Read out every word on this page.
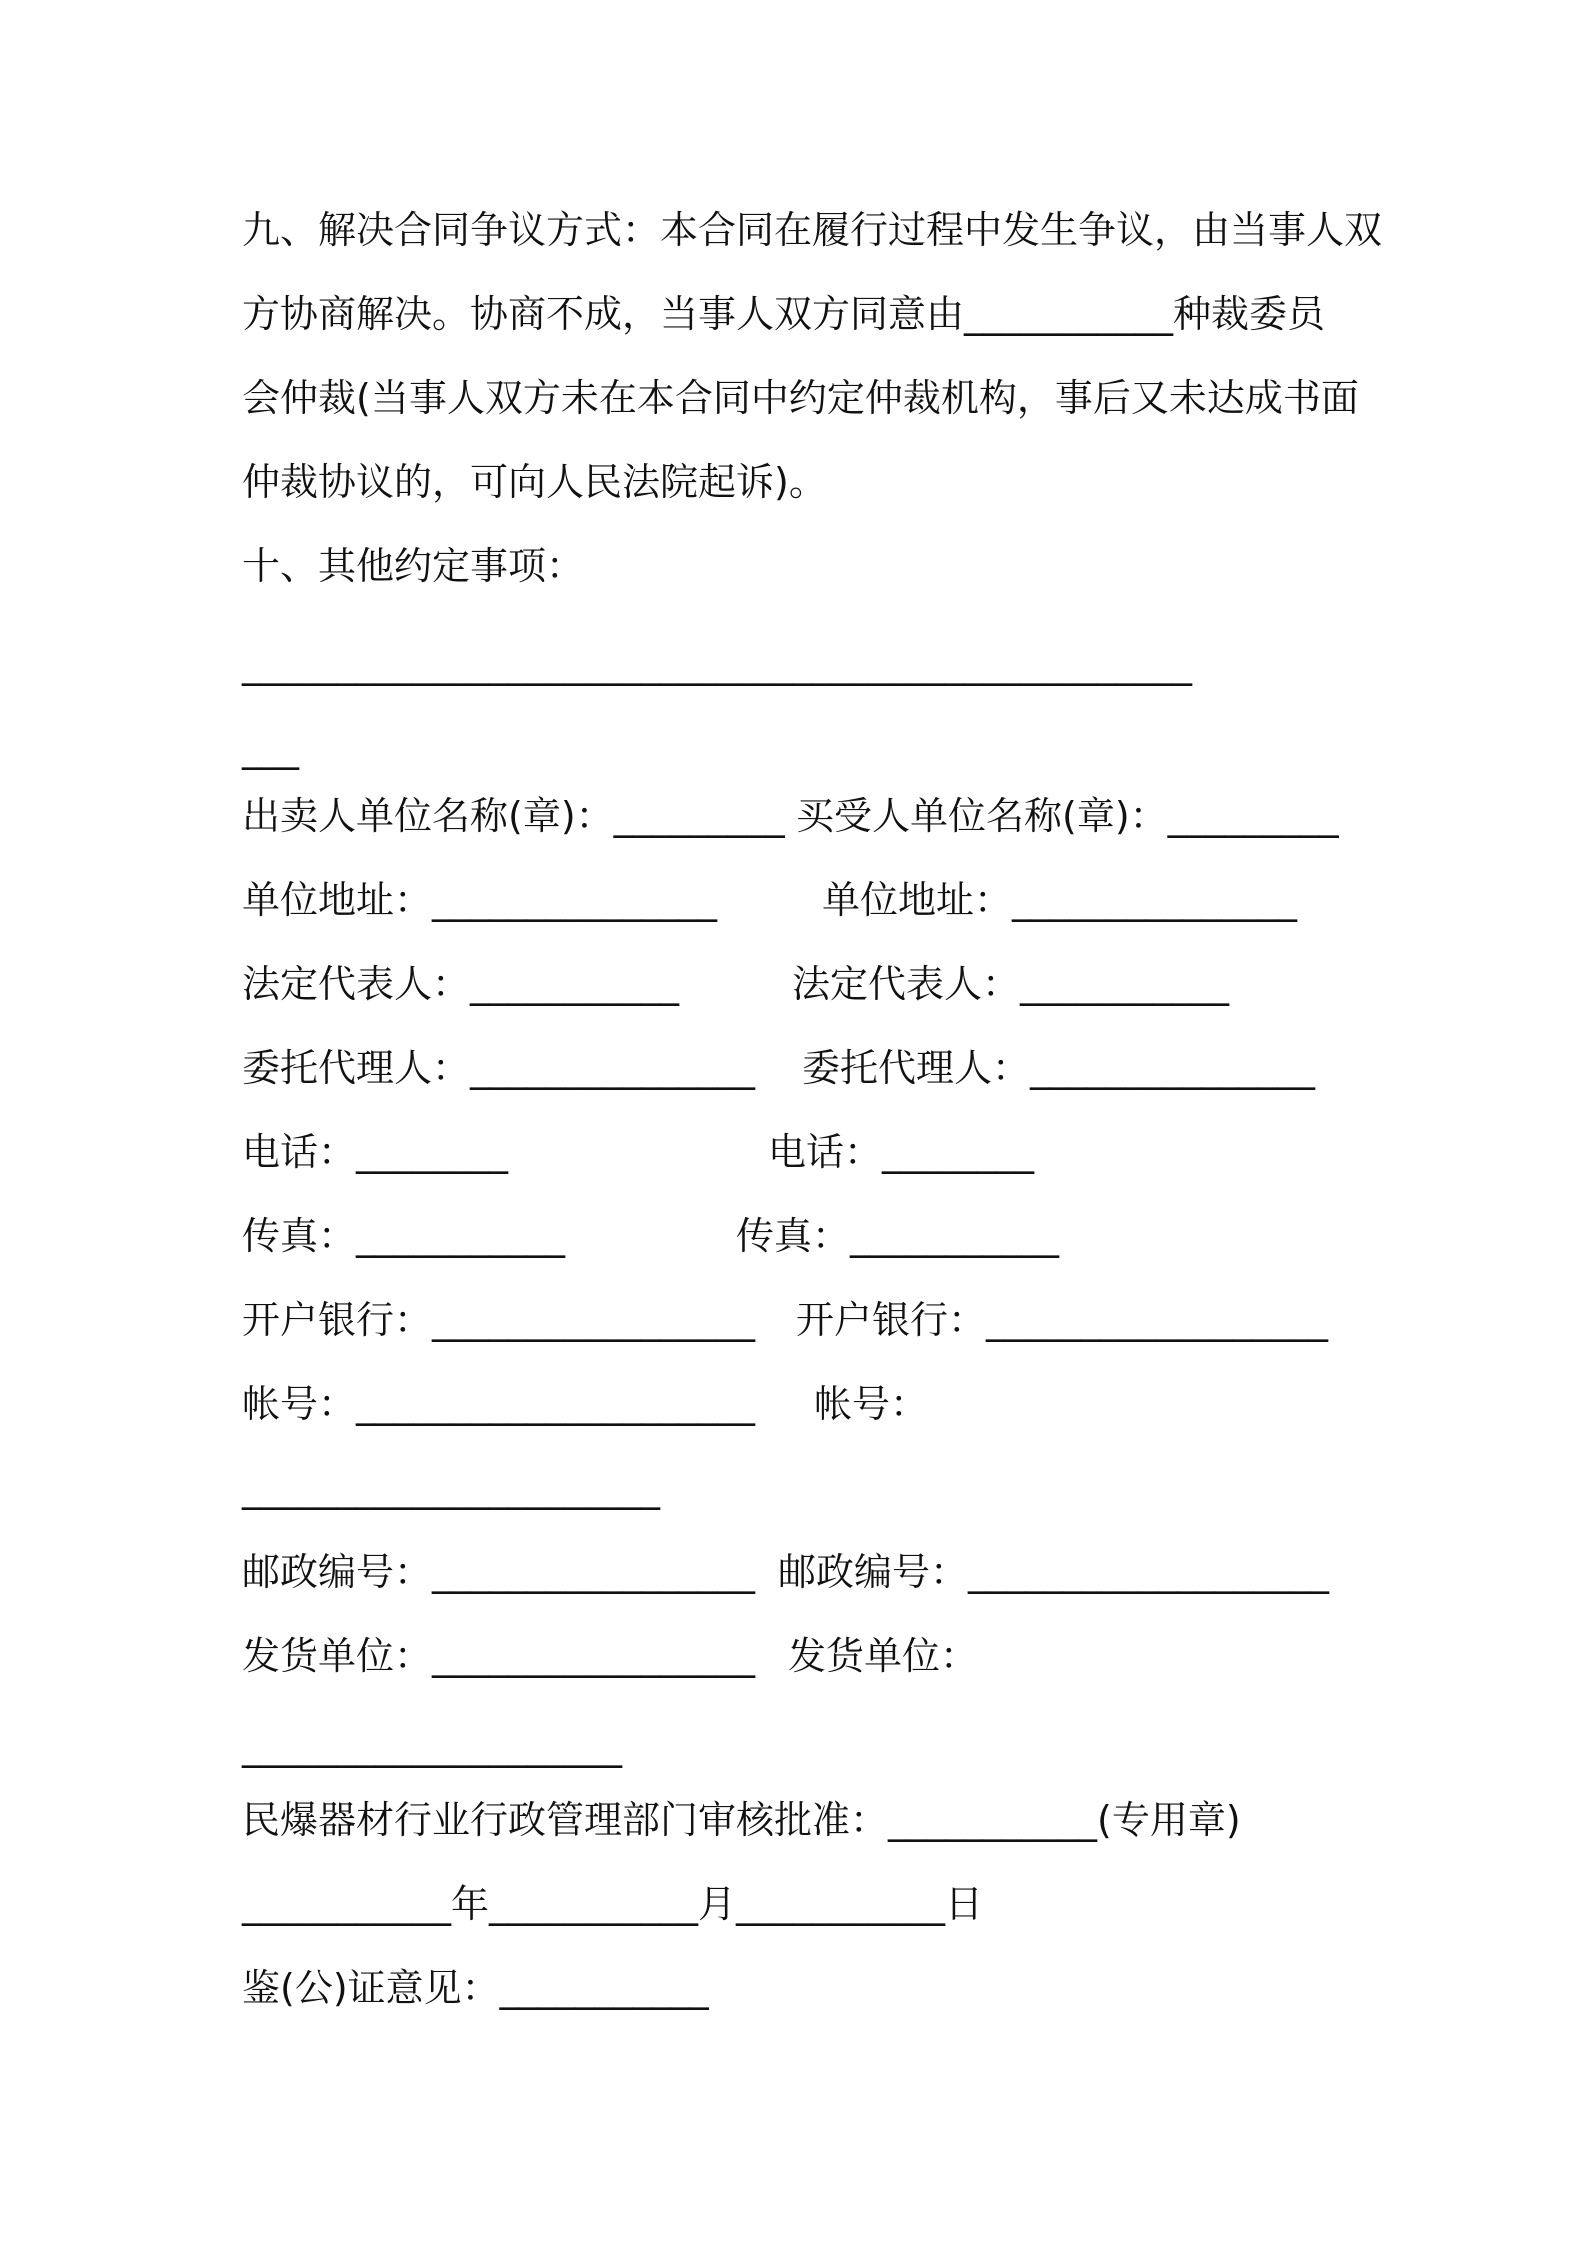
九、解决合同争议方式：本合同在履行过程中发生争议，由当事人双
方协商解决。协商不成，当事人双方同意由___________种裁委员
会仲裁(当事人双方未在本合同中约定仲裁机构，事后又未达成书面
仲裁协议的，可向人民法院起诉)。
十、其他约定事项：
__________________________________________________
___
出卖人单位名称(章)：_________ 买受人单位名称(章)：_________
单位地址：_______________	单位地址：_______________
法定代表人：___________	法定代表人：___________
委托代理人：_______________ 委托代理人：_______________
电话：________	电话：________
传真：___________	传真：___________
开户银行：_________________ 开户银行：__________________
帐号：_____________________ 帐号：
______________________
邮政编号：_________________ 邮政编号：___________________
发货单位：_________________ 发货单位：
____________________
民爆器材行业行政管理部门审核批准：___________(专用章)
___________年___________月___________日
鉴(公)证意见：___________
